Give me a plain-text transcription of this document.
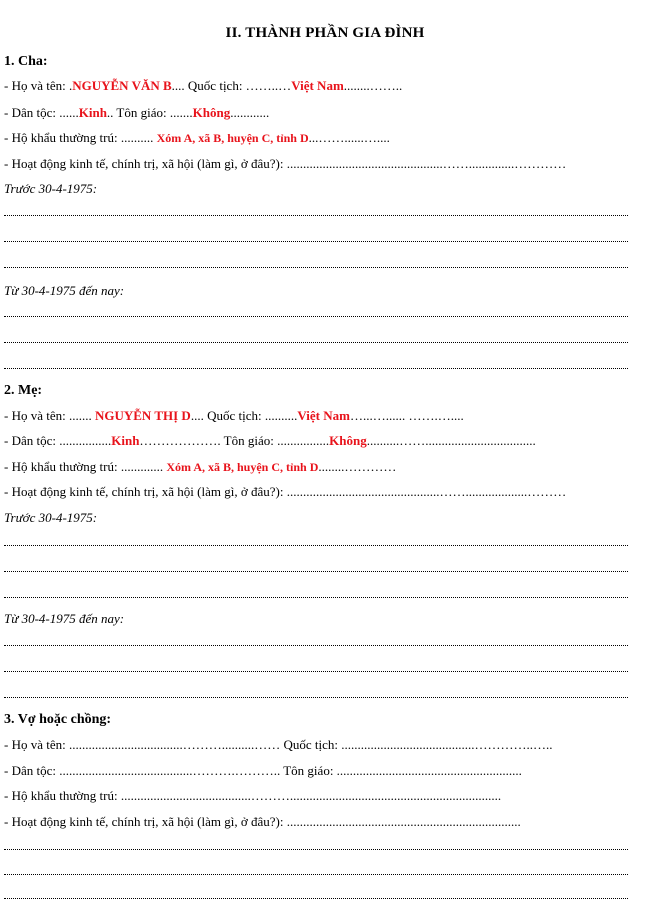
II. THÀNH PHẦN GIA ĐÌNH
1. Cha:
- Họ và tên: .NGUYỄN VĂN B.... Quốc tịch: ……..…Việt Nam........……..
- Dân tộc: ......Kinh.. Tôn giáo: .......Không............
- Hộ khẩu thường trú: .......... Xóm A, xã B, huyện C, tỉnh D...……......…....
- Hoạt động kinh tế, chính trị, xã hội (làm gì, ở đâu?): ................................................……..............…………
Trước 30-4-1975:
Từ 30-4-1975 đến nay:
2. Mẹ:
- Họ và tên: ....... NGUYỄN THỊ D.... Quốc tịch: ..........Việt Nam…...…...... …….…....
- Dân tộc: ................Kinh………………. Tôn giáo: ................Không..........……..................................
- Hộ khẩu thường trú: ............. Xóm A, xã B, huyện C, tỉnh D........…………
- Hoạt động kinh tế, chính trị, xã hội (làm gì, ở đâu?): ...............................................……...................………
Trước 30-4-1975:
Từ 30-4-1975 đến nay:
3. Vợ hoặc chồng:
- Họ và tên: ...................................………..........…… Quốc tịch: .........................................…………..…..
- Dân tộc: .........................................……….……….. Tôn giáo: .........................................................
- Hộ khẩu thường trú: ........................................……….................................................................
- Hoạt động kinh tế, chính trị, xã hội (làm gì, ở đâu?): ........................................................................
